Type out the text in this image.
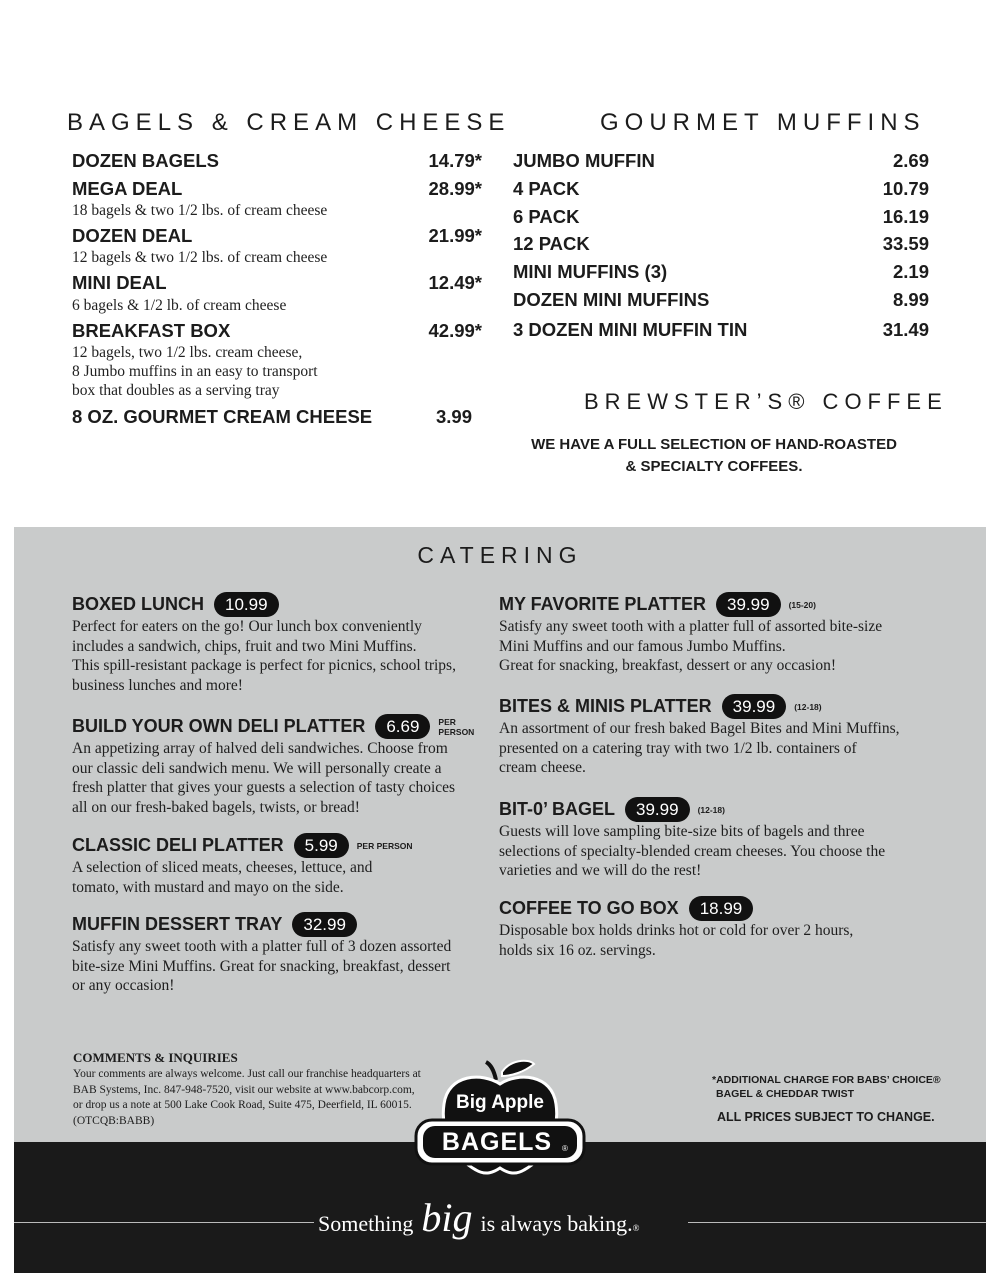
BAGELS & CREAM CHEESE
DOZEN BAGELS	14.79*
MEGA DEAL	28.99*
18 bagels & two 1/2 lbs. of cream cheese
DOZEN DEAL	21.99*
12 bagels & two 1/2 lbs. of cream cheese
MINI DEAL	12.49*
6 bagels & 1/2 lb. of cream cheese
BREAKFAST BOX	42.99*
12 bagels, two 1/2 lbs. cream cheese,
8 Jumbo muffins in an easy to transport
box that doubles as a serving tray
8 OZ. GOURMET CREAM CHEESE	3.99
GOURMET MUFFINS
JUMBO MUFFIN	2.69
4 PACK	10.79
6 PACK	16.19
12 PACK	33.59
MINI MUFFINS (3)	2.19
DOZEN MINI MUFFINS	8.99
3 DOZEN MINI MUFFIN TIN	31.49
BREWSTER’S® COFFEE
WE HAVE A FULL SELECTION OF HAND-ROASTED
& SPECIALTY COFFEES.
CATERING
BOXED LUNCH	10.99
Perfect for eaters on the go! Our lunch box conveniently
includes a sandwich, chips, fruit and two Mini Muffins.
This spill-resistant package is perfect for picnics, school trips,
business lunches and more!
BUILD YOUR OWN DELI PLATTER	6.69	PER
PERSON
An appetizing array of halved deli sandwiches. Choose from
our classic deli sandwich menu. We will personally create a
fresh platter that gives your guests a selection of tasty choices
all on our fresh-baked bagels, twists, or bread!
CLASSIC DELI PLATTER	5.99	PER PERSON
A selection of sliced meats, cheeses, lettuce, and
tomato, with mustard and mayo on the side.
MUFFIN DESSERT TRAY	32.99
Satisfy any sweet tooth with a platter full of 3 dozen assorted
bite-size Mini Muffins. Great for snacking, breakfast, dessert
or any occasion!
MY FAVORITE PLATTER	39.99	(15-20)
Satisfy any sweet tooth with a platter full of assorted bite-size
Mini Muffins and our famous Jumbo Muffins.
Great for snacking, breakfast, dessert or any occasion!
BITES & MINIS PLATTER	39.99	(12-18)
An assortment of our fresh baked Bagel Bites and Mini Muffins,
presented on a catering tray with two 1/2 lb. containers of
cream cheese.
BIT-0’ BAGEL	39.99	(12-18)
Guests will love sampling bite-size bits of bagels and three
selections of specialty-blended cream cheeses. You choose the
varieties and we will do the rest!
COFFEE TO GO BOX	18.99
Disposable box holds drinks hot or cold for over 2 hours,
holds six 16 oz. servings.
COMMENTS & INQUIRIES
Your comments are always welcome. Just call our franchise headquarters at
BAB Systems, Inc. 847-948-7520, visit our website at www.babcorp.com,
or drop us a note at 500 Lake Cook Road, Suite 475, Deerfield, IL 60015.
(OTCQB:BABB)
*ADDITIONAL CHARGE FOR BABS’ CHOICE®
BAGEL & CHEDDAR TWIST
ALL PRICES SUBJECT TO CHANGE.
Something big is always baking. ®
Big Apple
BAGELS	®
